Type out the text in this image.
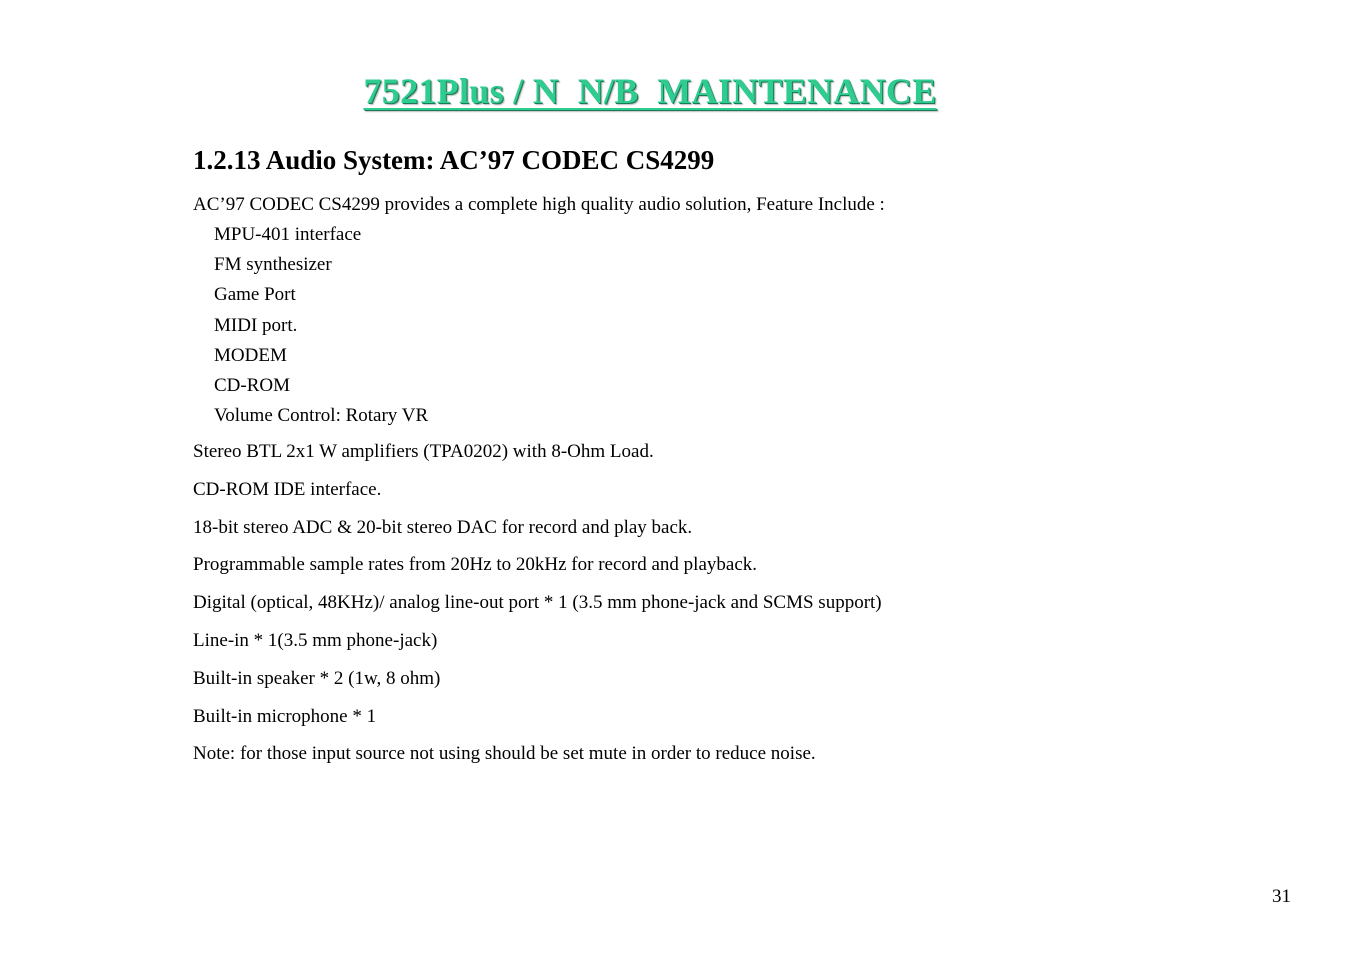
7521Plus / N  N/B  MAINTENANCE
1.2.13 Audio System: AC’97 CODEC CS4299

AC’97 CODEC CS4299 provides a complete high quality audio solution, Feature Include :

MPU-401 interface
FM synthesizer
Game Port
MIDI port.
MODEM
CD-ROM
Volume Control: Rotary VR
Stereo BTL 2x1 W amplifiers (TPA0202) with 8-Ohm Load.
CD-ROM IDE interface.
18-bit stereo ADC & 20-bit stereo DAC for record and play back.
Programmable sample rates from 20Hz to 20kHz for record and playback.
Digital (optical, 48KHz)/ analog line-out port * 1 (3.5 mm phone-jack and SCMS support)
Line-in * 1(3.5 mm phone-jack)
Built-in speaker * 2 (1w, 8 ohm)
Built-in microphone * 1
Note: for those input source not using should be set mute in order to reduce noise.

31
